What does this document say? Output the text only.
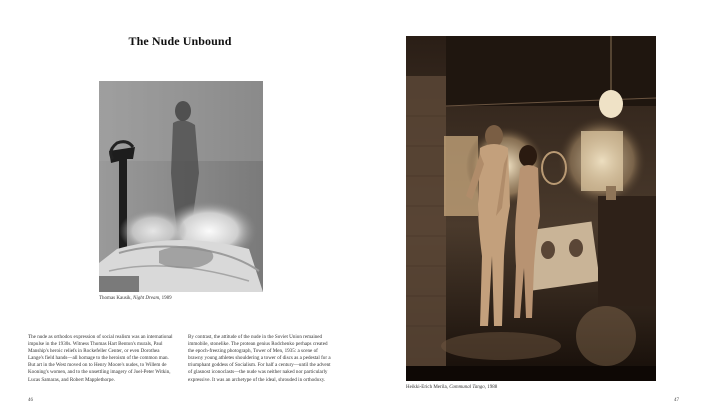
The Nude Unbound
Thomas Kausik, Night Dream, 1989

The nude as orthodox expression of social realism was an international impulse in the 1930s. Witness Thomas Hart Benton's murals, Paul Manship's heroic reliefs in Rockefeller Center, or even Dorothea Lange's field hands—all homage to the heroism of the common man. But art in the West moved on to Henry Moore's nudes, to Willem de Kooning's women, and to the unsettling imagery of Joel-Peter Witkin, Lucas Samaras, and Robert Mapplethorpe.

By contrast, the attitude of the nude in the Soviet Union remained immobile, stonelike. The protean genius Rodchenko perhaps created the epoch-freezing photograph, Tower of Men, 1935: a scene of brawny young athletes shouldering a tower of discs as a pedestal for a triumphant goddess of Socialism. For half a century—until the advent of glasnost iconoclasts—the nude was neither naked nor particularly expressive. It was an archetype of the ideal, shrouded in orthodoxy.

46
Heikki-Erich Merila, Communal Tango, 1988
47
